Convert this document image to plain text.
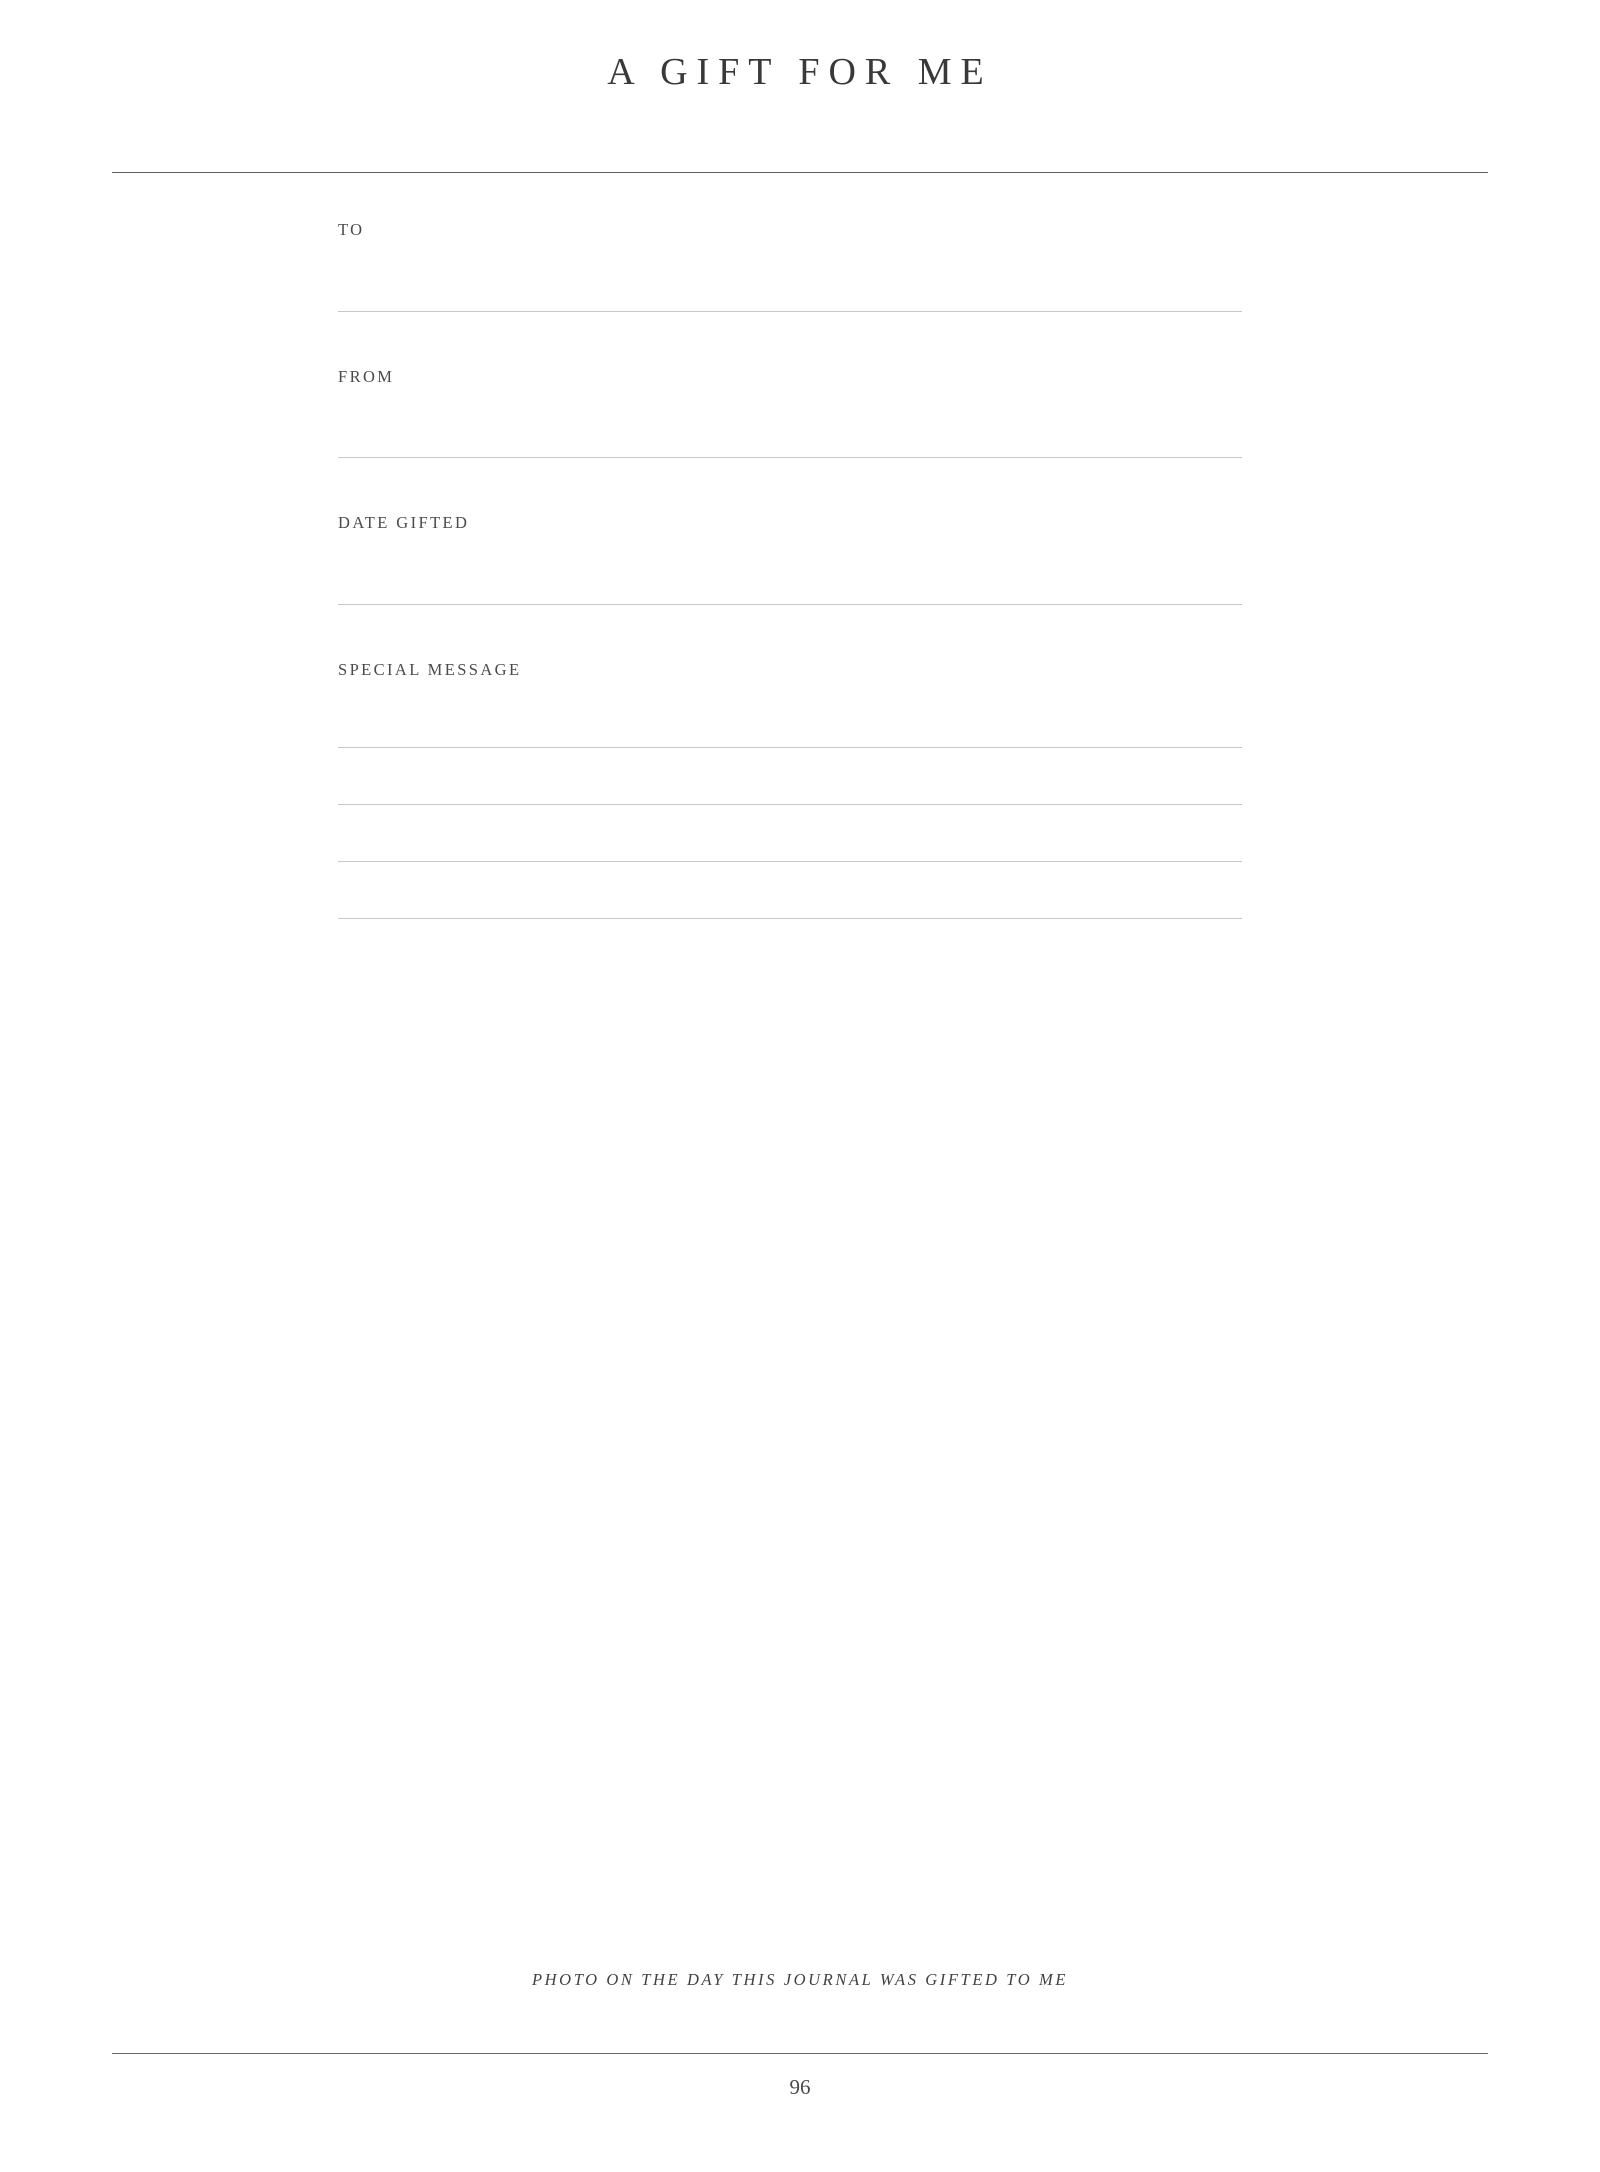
A GIFT FOR ME
TO
FROM
DATE GIFTED
SPECIAL MESSAGE
PHOTO ON THE DAY THIS JOURNAL WAS GIFTED TO ME
96
